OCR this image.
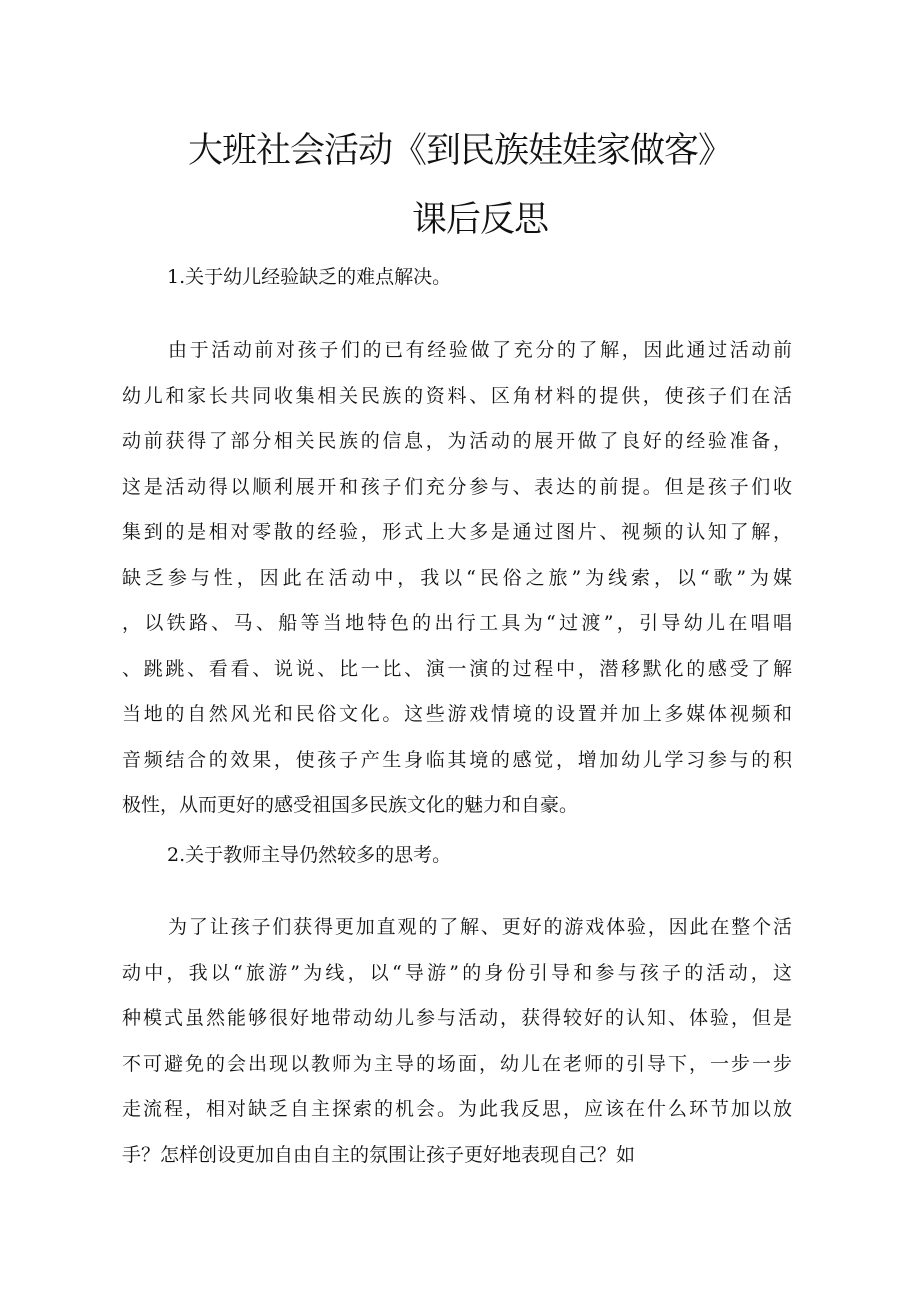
大班社会活动《到民族娃娃家做客》
课后反思
1.关于幼儿经验缺乏的难点解决。
由于活动前对孩子们的已有经验做了充分的了解，因此通过活动前
幼儿和家长共同收集相关民族的资料、区角材料的提供，使孩子们在活
动前获得了部分相关民族的信息，为活动的展开做了良好的经验准备，
这是活动得以顺利展开和孩子们充分参与、表达的前提。但是孩子们收
集到的是相对零散的经验，形式上大多是通过图片、视频的认知了解，
缺乏参与性，因此在活动中，我以“民俗之旅”为线索，以“歌”为媒
，以铁路、马、船等当地特色的出行工具为“过渡”，引导幼儿在唱唱
、跳跳、看看、说说、比一比、演一演的过程中，潜移默化的感受了解
当地的自然风光和民俗文化。这些游戏情境的设置并加上多媒体视频和
音频结合的效果，使孩子产生身临其境的感觉，增加幼儿学习参与的积
极性，从而更好的感受祖国多民族文化的魅力和自豪。
2.关于教师主导仍然较多的思考。
为了让孩子们获得更加直观的了解、更好的游戏体验，因此在整个活
动中，我以“旅游”为线，以“导游”的身份引导和参与孩子的活动，这
种模式虽然能够很好地带动幼儿参与活动，获得较好的认知、体验，但是
不可避免的会出现以教师为主导的场面，幼儿在老师的引导下，一步一步
走流程，相对缺乏自主探索的机会。为此我反思，应该在什么环节加以放
手？怎样创设更加自由自主的氛围让孩子更好地表现自己？如
